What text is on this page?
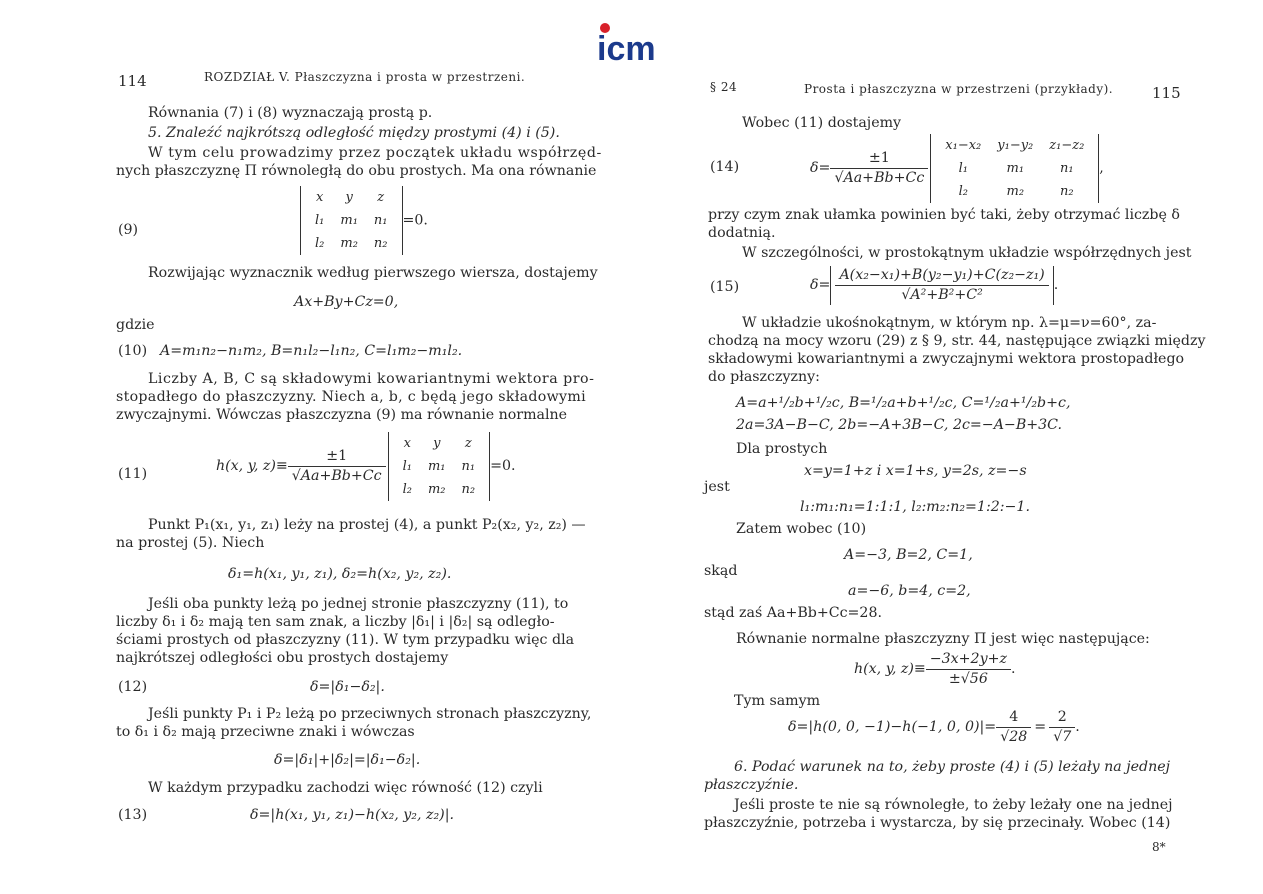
icm
114	ROZDZIAŁ V. Płaszczyzna i prosta w przestrzeni.
Równania (7) i (8) wyznaczają prostą p.
5. Znaleźć najkrótszą odległość między prostymi (4) i (5).
W tym celu prowadzimy przez początek układu współrzęd-
nych płaszczyznę Π równoległą do obu prostych. Ma ona równanie
(9)
x	y	z
l₁	m₁	n₁
l₂	m₂	n₂
=0.
Rozwijając wyznacznik według pierwszego wiersza, dostajemy
Ax+By+Cz=0,
gdzie
(10) A=m₁n₂−n₁m₂, B=n₁l₂−l₁n₂, C=l₁m₂−m₁l₂.
Liczby A, B, C są składowymi kowariantnymi wektora pro-
stopadłego do płaszczyzny. Niech a, b, c będą jego składowymi
zwyczajnymi. Wówczas płaszczyzna (9) ma równanie normalne
(11)	h(x, y, $z)\equiv \frac{\pm 1}{√Aa+Bb+Cc}$
x	y	z
l₁	m₁	n₁
l₂	m₂	n₂
=0.
Punkt P₁(x₁, y₁, z₁) leży na prostej (4), a punkt P₂(x₂, y₂, z₂) —
na prostej (5). Niech
δ₁=h(x₁, y₁, z₁), δ₂=h(x₂, y₂, z₂).
Jeśli oba punkty leżą po jednej stronie płaszczyzny (11), to
liczby δ₁ i δ₂ mają ten sam znak, a liczby |δ₁| i |δ₂| są odległo-
ściami prostych od płaszczyzny (11). W tym przypadku więc dla
najkrótszej odległości obu prostych dostajemy
(12)	δ=|δ₁−δ₂|.
Jeśli punkty P₁ i P₂ leżą po przeciwnych stronach płaszczyzny,
to δ₁ i δ₂ mają przeciwne znaki i wówczas
δ=|δ₁|+|δ₂|=|δ₁−δ₂|.
W każdym przypadku zachodzi więc równość (12) czyli
(13)	δ=|h(x₁, y₁, z₁)−h(x₂, y₂, z₂)|.
§ 24	Prosta i płaszczyzna w przestrzeni (przykłady).	115
Wobec (11) dostajemy
(14)	$\delta= \frac{\pm 1}{√Aa+Bb+Cc}$
x₁−x₂	y₁−y₂	z₁−z₂
l₁	m₁	n₁
l₂	m₂	n₂
,
przy czym znak ułamka powinien być taki, żeby otrzymać liczbę δ
dodatnią.
W szczególności, w prostokątnym układzie współrzędnych jest
(15)	$\delta= \frac{\text{A(x₂−x₁)+B(y₂−y₁)+C(z₂−z₁)}}{\text{√A²+B²+C²}}$ .
W układzie ukośnokątnym, w którym np. λ=μ=ν=60°, za-
chodzą na mocy wzoru (29) z § 9, str. 44, następujące związki między
składowymi kowariantnymi a zwyczajnymi wektora prostopadłego
do płaszczyzny:
A=a+¹/₂b+¹/₂c, B=¹/₂a+b+¹/₂c, C=¹/₂a+¹/₂b+c,
2a=3A−B−C, 2b=−A+3B−C, 2c=−A−B+3C.
Dla prostych
x=y=1+z i x=1+s, y=2s, z=−s
jest
l₁:m₁:n₁=1:1:1, l₂:m₂:n₂=1:2:−1.
Zatem wobec (10)
A=−3, B=2, C=1,
skąd
a=−6, b=4, c=2,
stąd zaś Aa+Bb+Cc=28.
Równanie normalne płaszczyzny Π jest więc następujące:
h(x, y, $z)\equiv \frac{-3x+2y+z}{\pm√56}$ .
Tym samym
δ=|h(0, 0, −1)−h(−1, 0, $0)|= \frac{4}{√28} = \frac{2}{√7}$ .
6. Podać warunek na to, żeby proste (4) i (5) leżały na jednej
płaszczyźnie.
Jeśli proste te nie są równoległe, to żeby leżały one na jednej
płaszczyźnie, potrzeba i wystarcza, by się przecinały. Wobec (14)
8*
